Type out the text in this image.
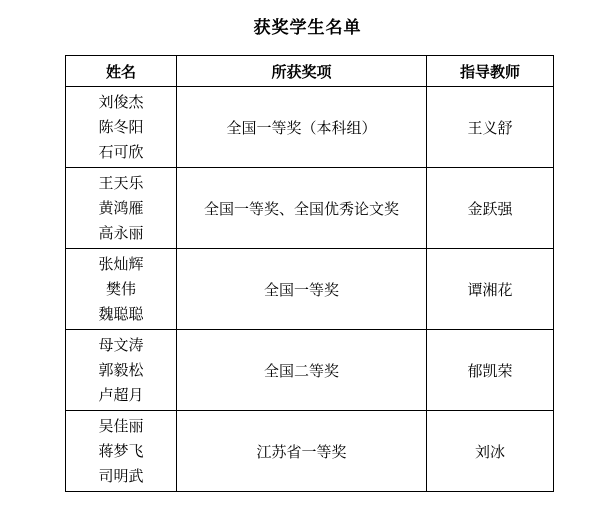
获奖学生名单
姓名	所获奖项	指导教师

刘俊杰
陈冬阳
石可欣	全国一等奖（本科组）	王义舒

王天乐
黄鸿雁
高永丽	全国一等奖、全国优秀论文奖	金跃强

张灿辉
樊伟
魏聪聪	全国一等奖	谭湘花

母文涛
郭毅松
卢超月	全国二等奖	郁凯荣

吴佳丽
蒋梦飞
司明武	江苏省一等奖	刘冰
